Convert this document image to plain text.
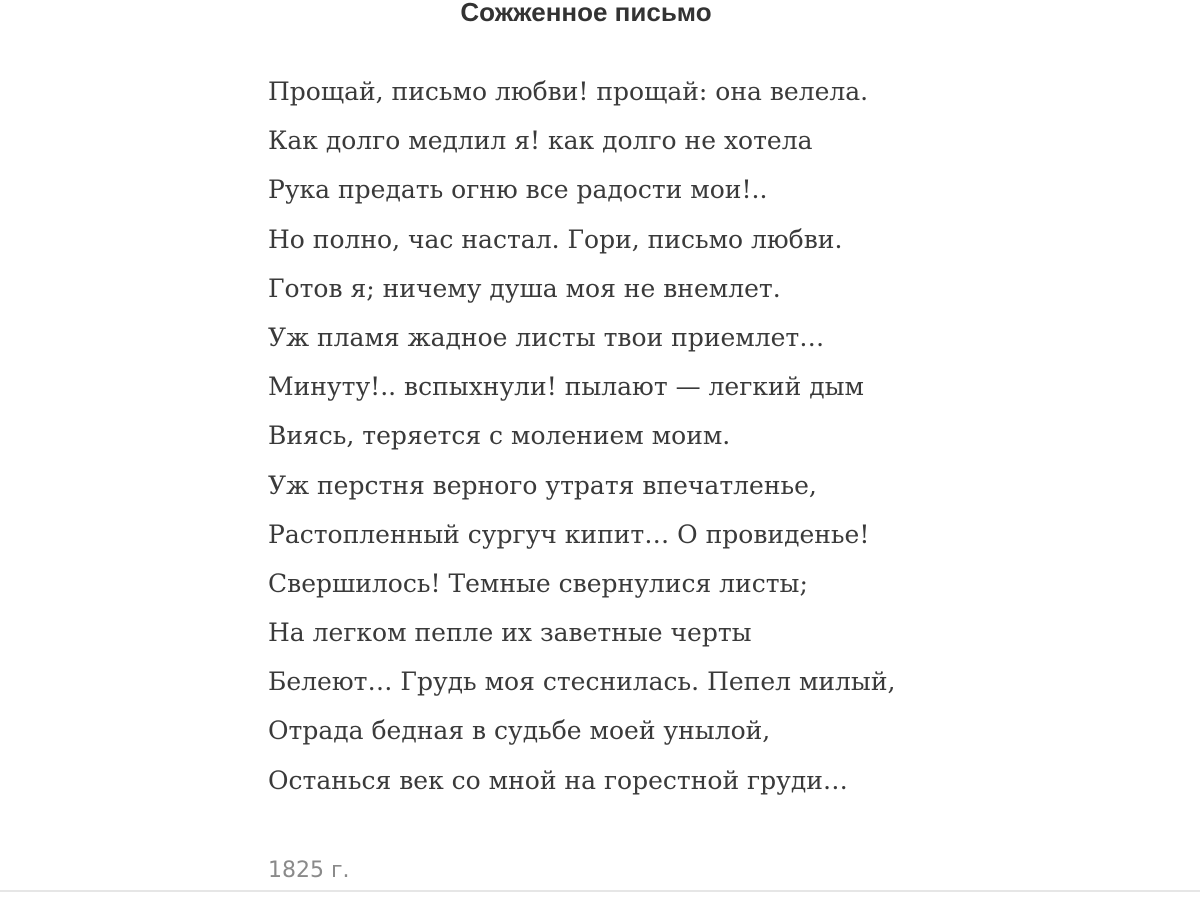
Сожженное письмо
Прощай, письмо любви! прощай: она велела.
Как долго медлил я! как долго не хотела
Рука предать огню все радости мои!..
Но полно, час настал. Гори, письмо любви.
Готов я; ничему душа моя не внемлет.
Уж пламя жадное листы твои приемлет…
Минуту!.. вспыхнули! пылают — легкий дым
Виясь, теряется с молением моим.
Уж перстня верного утратя впечатленье,
Растопленный сургуч кипит… О провиденье!
Свершилось! Темные свернулися листы;
На легком пепле их заветные черты
Белеют… Грудь моя стеснилась. Пепел милый,
Отрада бедная в судьбе моей унылой,
Останься век со мной на горестной груди…

1825 г.
